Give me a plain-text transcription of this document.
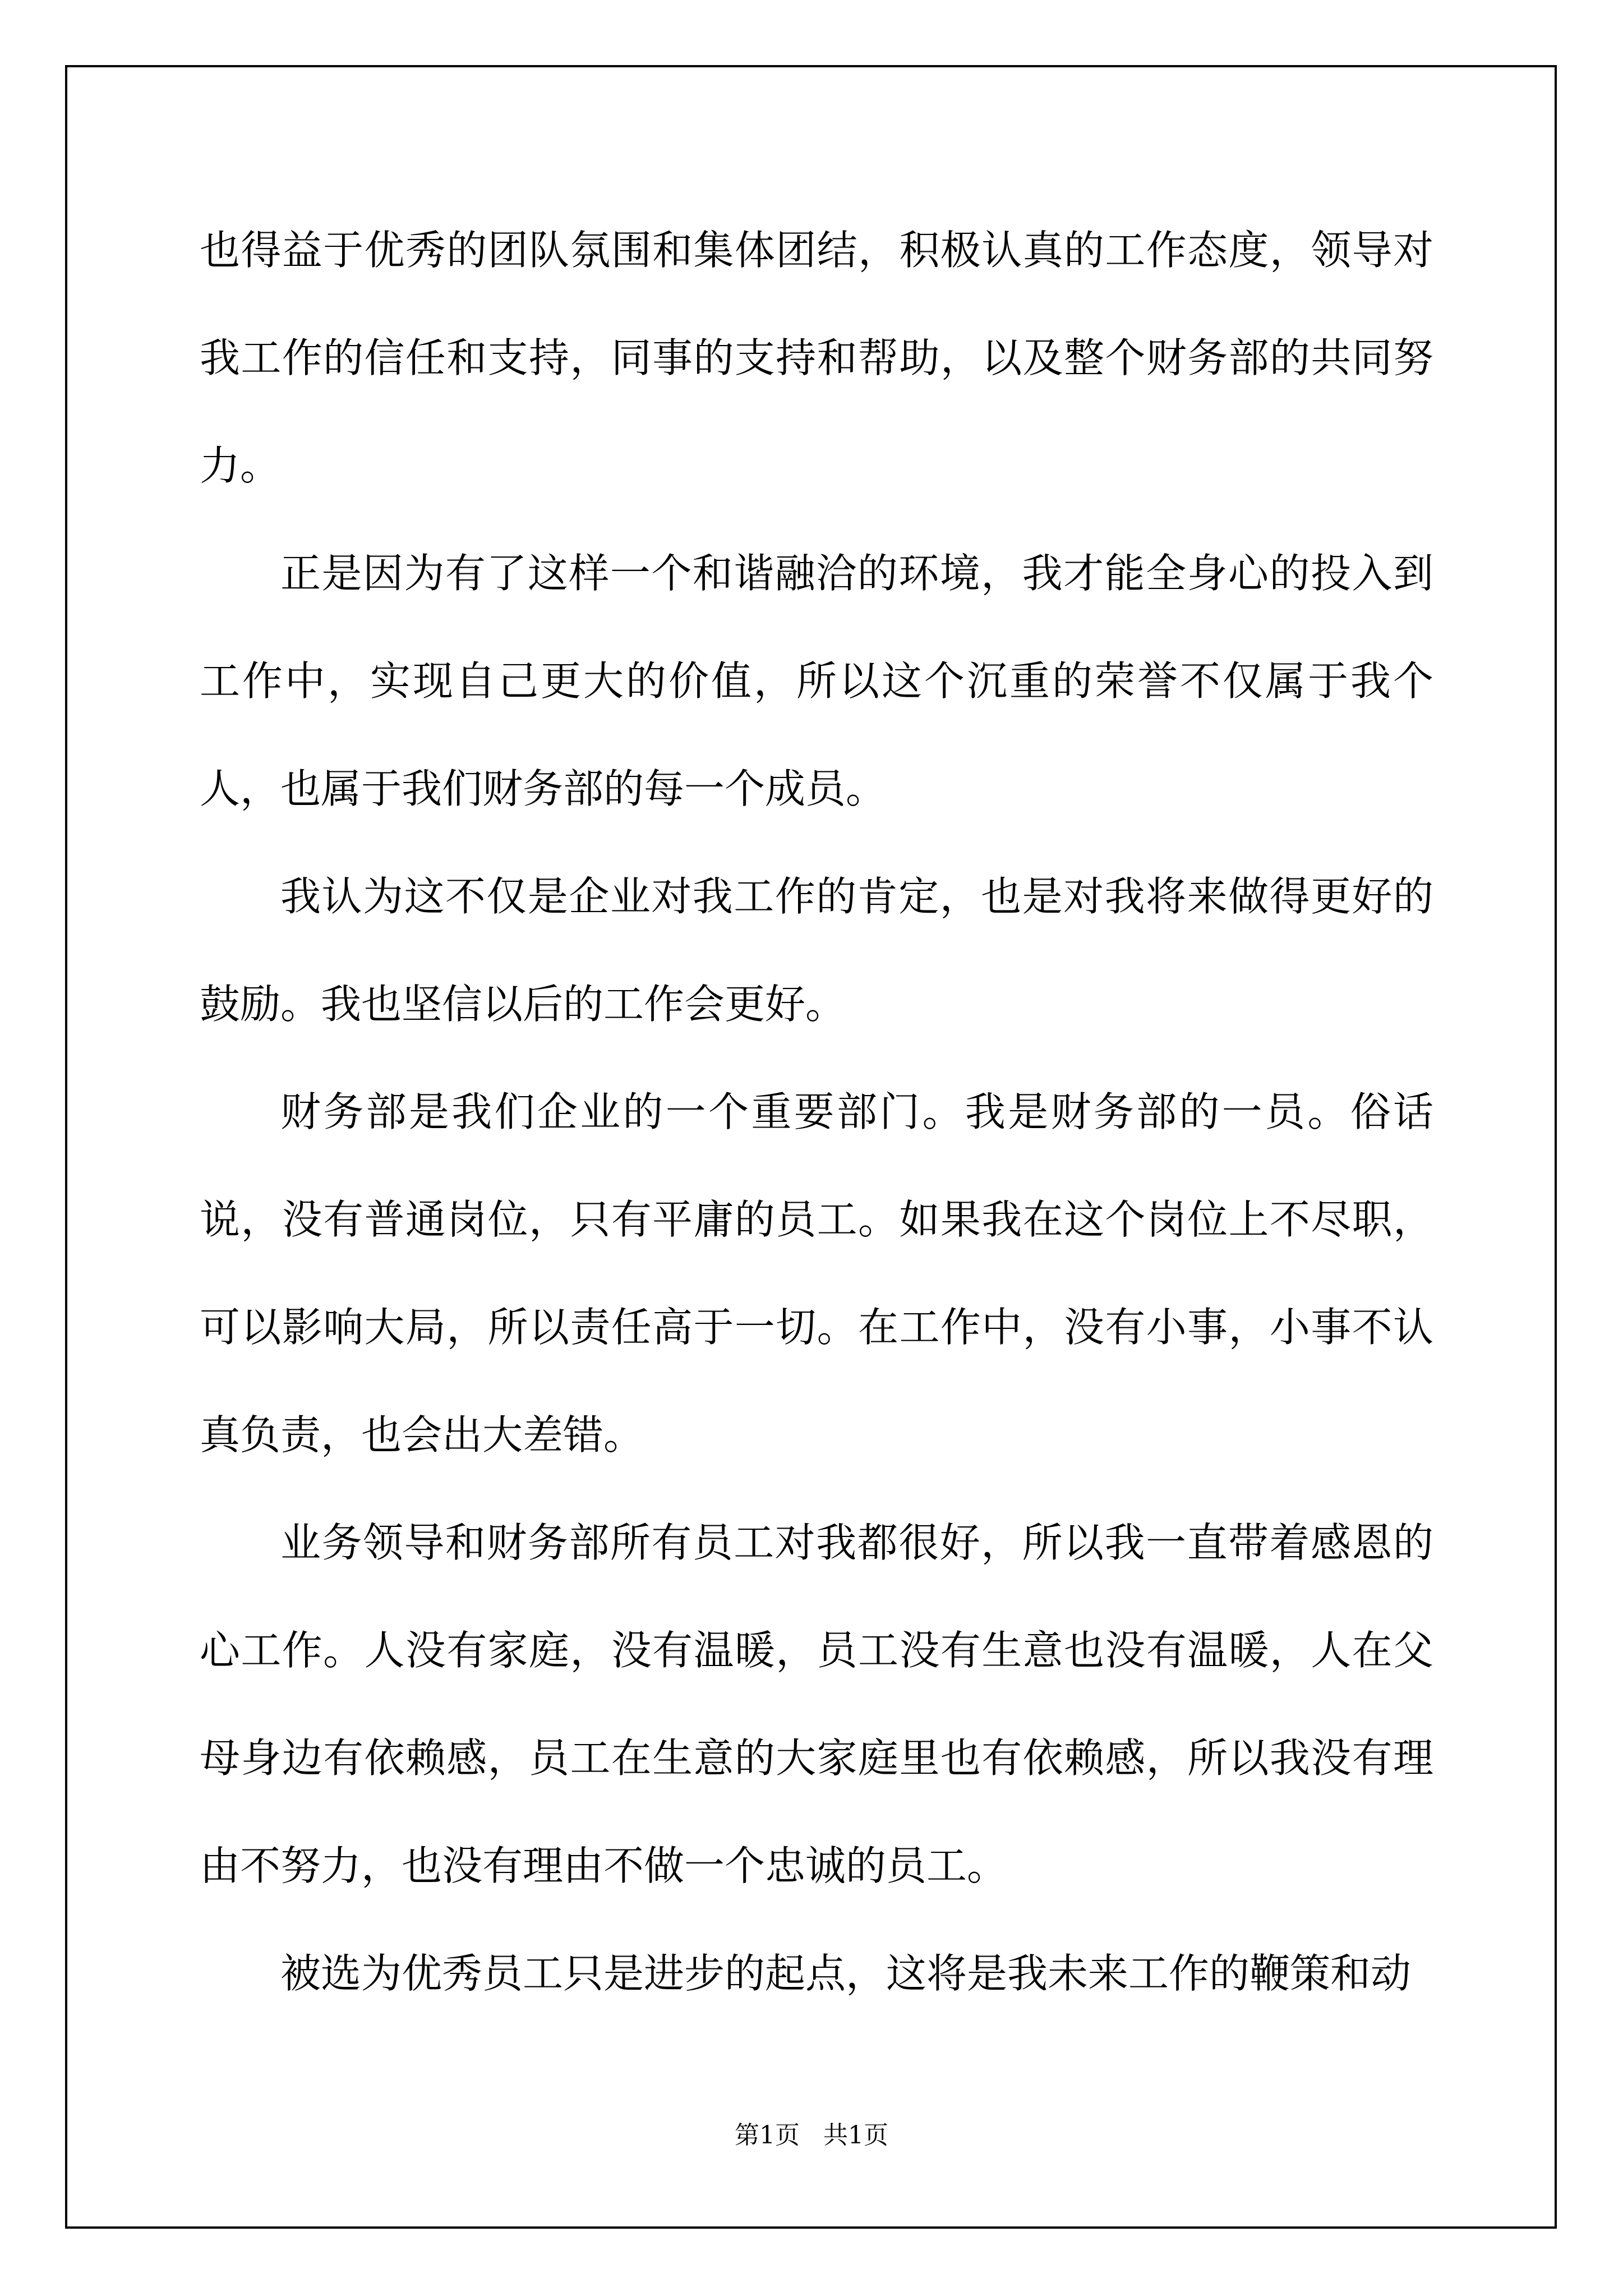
也得益于优秀的团队氛围和集体团结，积极认真的工作态度，领导对我工作的信任和支持，同事的支持和帮助，以及整个财务部的共同努力。

正是因为有了这样一个和谐融洽的环境，我才能全身心的投入到工作中，实现自己更大的价值，所以这个沉重的荣誉不仅属于我个人，也属于我们财务部的每一个成员。

我认为这不仅是企业对我工作的肯定，也是对我将来做得更好的鼓励。我也坚信以后的工作会更好。

财务部是我们企业的一个重要部门。我是财务部的一员。俗话说，没有普通岗位，只有平庸的员工。如果我在这个岗位上不尽职，可以影响大局，所以责任高于一切。在工作中，没有小事，小事不认真负责，也会出大差错。

业务领导和财务部所有员工对我都很好，所以我一直带着感恩的心工作。人没有家庭，没有温暖，员工没有生意也没有温暖，人在父母身边有依赖感，员工在生意的大家庭里也有依赖感，所以我没有理由不努力，也没有理由不做一个忠诚的员工。

被选为优秀员工只是进步的起点，这将是我未来工作的鞭策和动

第1页 共1页
